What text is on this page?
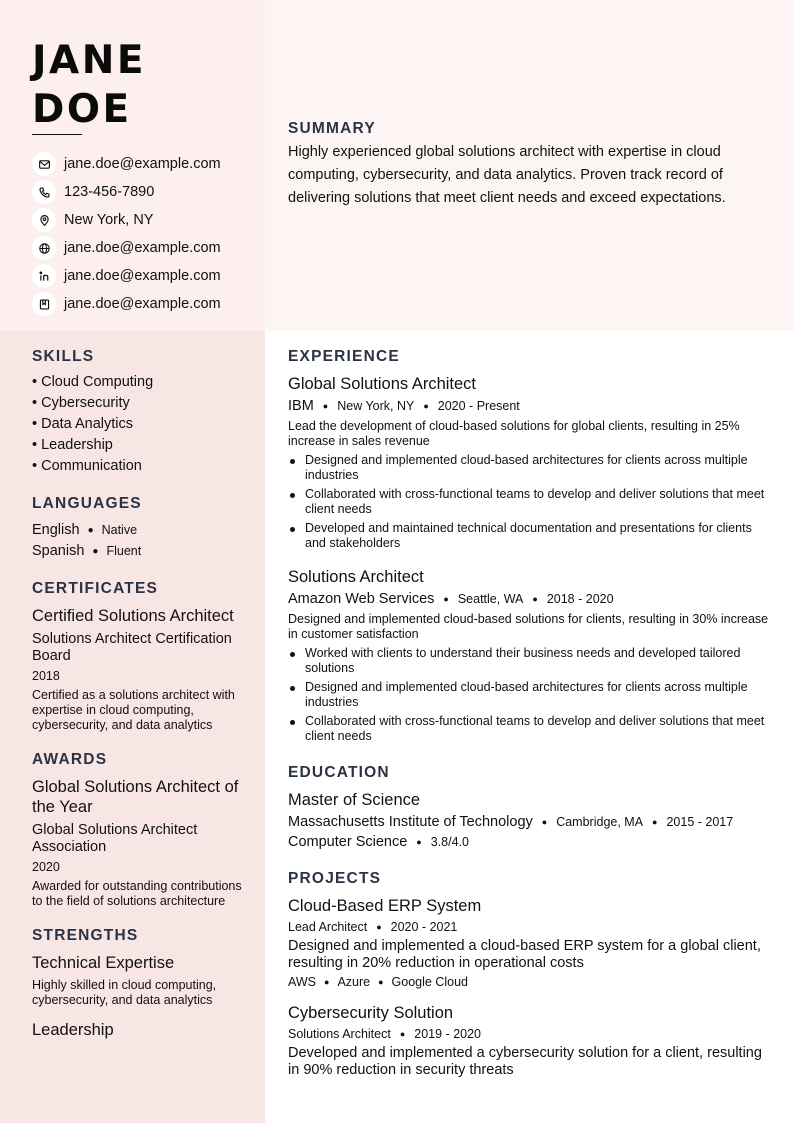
JANE
DOE
jane.doe@example.com
123-456-7890
New York, NY
jane.doe@example.com
jane.doe@example.com
jane.doe@example.com
SUMMARY

Highly experienced global solutions architect with expertise in cloud computing, cybersecurity, and data analytics. Proven track record of delivering solutions that meet client needs and exceed expectations.

SKILLS
• Cloud Computing
• Cybersecurity
• Data Analytics
• Leadership
• Communication
LANGUAGES
English ● Native
Spanish ● Fluent
CERTIFICATES
Certified Solutions Architect
Solutions Architect Certification Board
2018
Certified as a solutions architect with expertise in cloud computing, cybersecurity, and data analytics
AWARDS
Global Solutions Architect of the Year
Global Solutions Architect Association
2020
Awarded for outstanding contributions to the field of solutions architecture
STRENGTHS
Technical Expertise
Highly skilled in cloud computing, cybersecurity, and data analytics
Leadership
EXPERIENCE
Global Solutions Architect
IBM ● New York, NY ● 2020 - Present
Lead the development of cloud-based solutions for global clients, resulting in 25% increase in sales revenue
Designed and implemented cloud-based architectures for clients across multiple industries
Collaborated with cross-functional teams to develop and deliver solutions that meet client needs
Developed and maintained technical documentation and presentations for clients and stakeholders
Solutions Architect
Amazon Web Services ● Seattle, WA ● 2018 - 2020
Designed and implemented cloud-based solutions for clients, resulting in 30% increase in customer satisfaction
Worked with clients to understand their business needs and developed tailored solutions
Designed and implemented cloud-based architectures for clients across multiple industries
Collaborated with cross-functional teams to develop and deliver solutions that meet client needs
EDUCATION
Master of Science
Massachusetts Institute of Technology ● Cambridge, MA ● 2015 - 2017
Computer Science ● 3.8/4.0
PROJECTS
Cloud-Based ERP System
Lead Architect ● 2020 - 2021
Designed and implemented a cloud-based ERP system for a global client, resulting in 20% reduction in operational costs
AWS ● Azure ● Google Cloud
Cybersecurity Solution
Solutions Architect ● 2019 - 2020
Developed and implemented a cybersecurity solution for a client, resulting in 90% reduction in security threats
